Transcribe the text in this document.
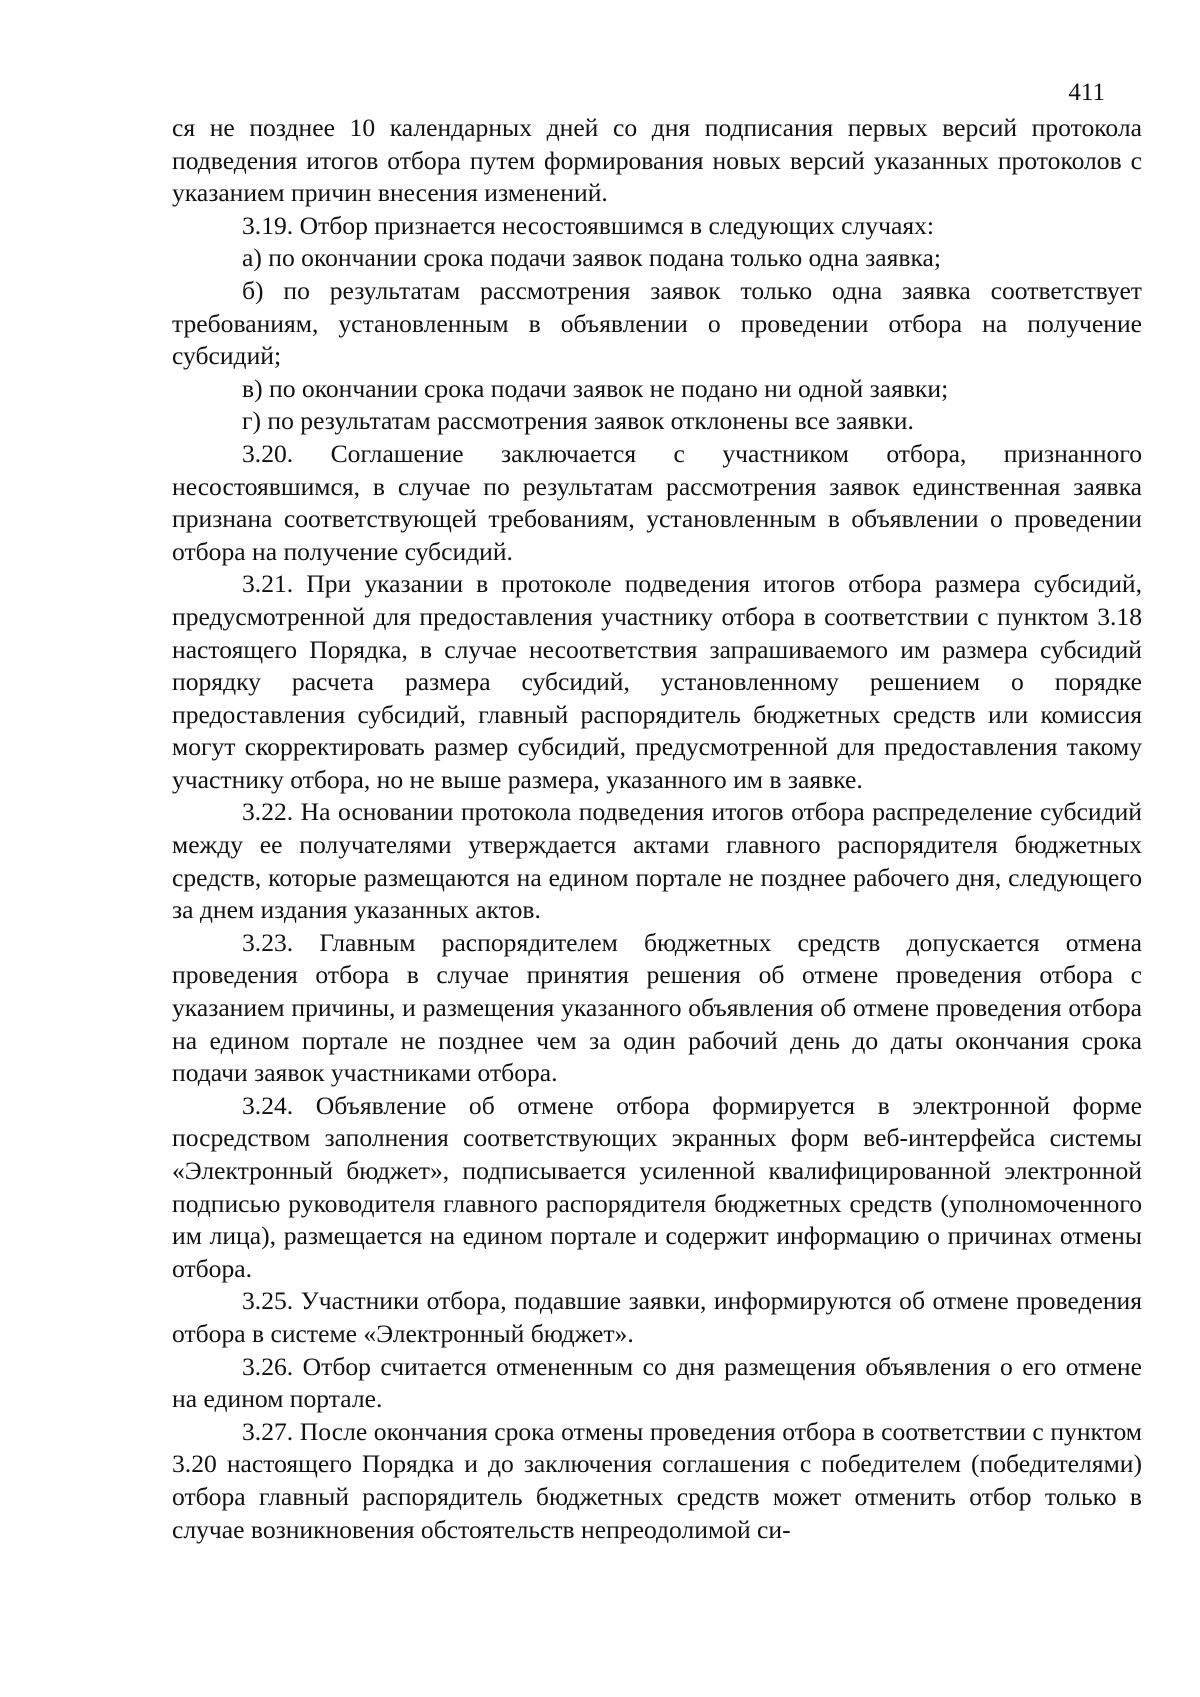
411

ся не позднее 10 календарных дней со дня подписания первых версий протокола подведения итогов отбора путем формирования новых версий указанных протоколов с указанием причин внесения изменений.

3.19. Отбор признается несостоявшимся в следующих случаях:

а) по окончании срока подачи заявок подана только одна заявка;

б) по результатам рассмотрения заявок только одна заявка соответствует требованиям, установленным в объявлении о проведении отбора на получение субсидий;

в) по окончании срока подачи заявок не подано ни одной заявки;

г) по результатам рассмотрения заявок отклонены все заявки.

3.20. Соглашение заключается с участником отбора, признанного несостоявшимся, в случае по результатам рассмотрения заявок единственная заявка признана соответствующей требованиям, установленным в объявлении о проведении отбора на получение субсидий.

3.21. При указании в протоколе подведения итогов отбора размера субсидий, предусмотренной для предоставления участнику отбора в соответствии с пунктом 3.18 настоящего Порядка, в случае несоответствия запрашиваемого им размера субсидий порядку расчета размера субсидий, установленному решением о порядке предоставления субсидий, главный распорядитель бюджетных средств или комиссия могут скорректировать размер субсидий, предусмотренной для предоставления такому участнику отбора, но не выше размера, указанного им в заявке.

3.22. На основании протокола подведения итогов отбора распределение субсидий между ее получателями утверждается актами главного распорядителя бюджетных средств, которые размещаются на едином портале не позднее рабочего дня, следующего за днем издания указанных актов.

3.23. Главным распорядителем бюджетных средств допускается отмена проведения отбора в случае принятия решения об отмене проведения отбора с указанием причины, и размещения указанного объявления об отмене проведения отбора на едином портале не позднее чем за один рабочий день до даты окончания срока подачи заявок участниками отбора.

3.24. Объявление об отмене отбора формируется в электронной форме посредством заполнения соответствующих экранных форм веб-интерфейса системы «Электронный бюджет», подписывается усиленной квалифицированной электронной подписью руководителя главного распорядителя бюджетных средств (уполномоченного им лица), размещается на едином портале и содержит информацию о причинах отмены отбора.

3.25. Участники отбора, подавшие заявки, информируются об отмене проведения отбора в системе «Электронный бюджет».

3.26. Отбор считается отмененным со дня размещения объявления о его отмене на едином портале.

3.27. После окончания срока отмены проведения отбора в соответствии с пунктом 3.20 настоящего Порядка и до заключения соглашения с победителем (победителями) отбора главный распорядитель бюджетных средств может отменить отбор только в случае возникновения обстоятельств непреодолимой си-
